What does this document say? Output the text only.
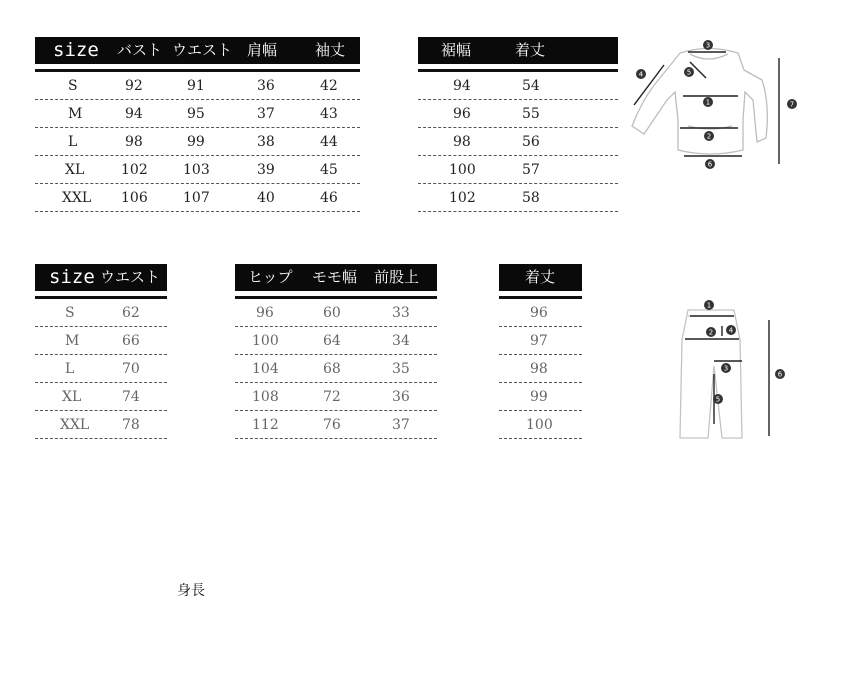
size バスト ウエスト 肩幅	袖丈
S	92	91	36	42
M	94	95	37	43
L	98	99	38	44
XL	102	103	39	45
XXL 106	107	40	46
裾幅	着丈
94	54
96	55
98	56
100	57
102	58
3
1
2
6
4	5
7
size ウエスト
S	62
M	66
L	70
XL	74
XXL 78
ヒップ モモ幅 前股上
96	60	33
100	64	34
104	68	35
108	72	36
112	76	37
着丈
96
97
98
99
100
1
2 4
3
5
6
身長
